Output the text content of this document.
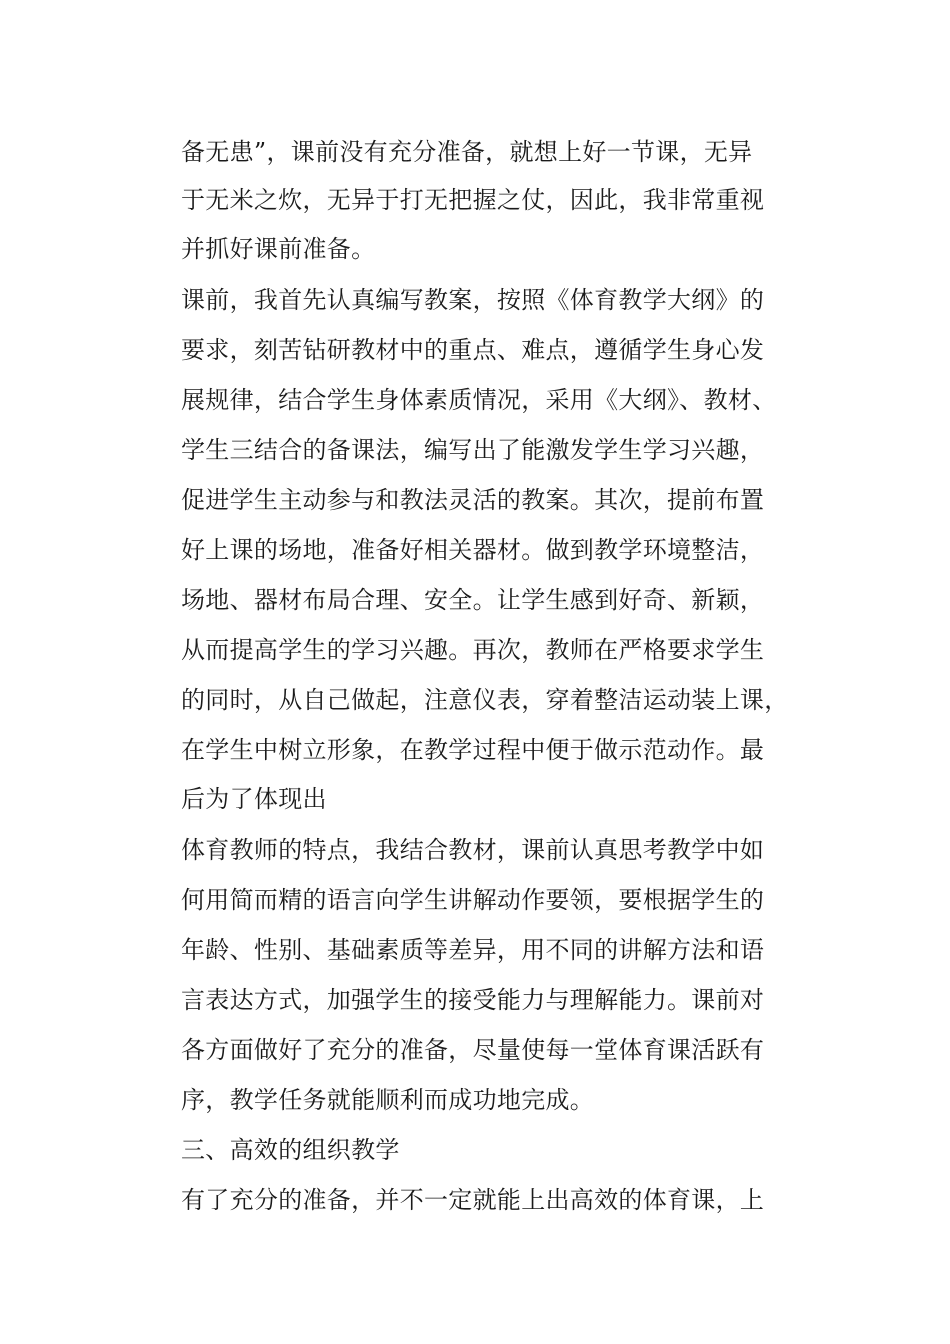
备无患”，课前没有充分准备，就想上好一节课，无异

于无米之炊，无异于打无把握之仗，因此，我非常重视

并抓好课前准备。

课前，我首先认真编写教案，按照《体育教学大纲》的

要求，刻苦钻研教材中的重点、难点，遵循学生身心发

展规律，结合学生身体素质情况，采用《大纲》、教材、

学生三结合的备课法，编写出了能激发学生学习兴趣，

促进学生主动参与和教法灵活的教案。其次，提前布置

好上课的场地，准备好相关器材。做到教学环境整洁，

场地、器材布局合理、安全。让学生感到好奇、新颖，

从而提高学生的学习兴趣。再次，教师在严格要求学生

的同时，从自己做起，注意仪表，穿着整洁运动装上课，

在学生中树立形象，在教学过程中便于做示范动作。最

后为了体现出

体育教师的特点，我结合教材，课前认真思考教学中如

何用简而精的语言向学生讲解动作要领，要根据学生的

年龄、性别、基础素质等差异，用不同的讲解方法和语

言表达方式，加强学生的接受能力与理解能力。课前对

各方面做好了充分的准备，尽量使每一堂体育课活跃有

序，教学任务就能顺利而成功地完成。

三、高效的组织教学

有了充分的准备，并不一定就能上出高效的体育课，上
